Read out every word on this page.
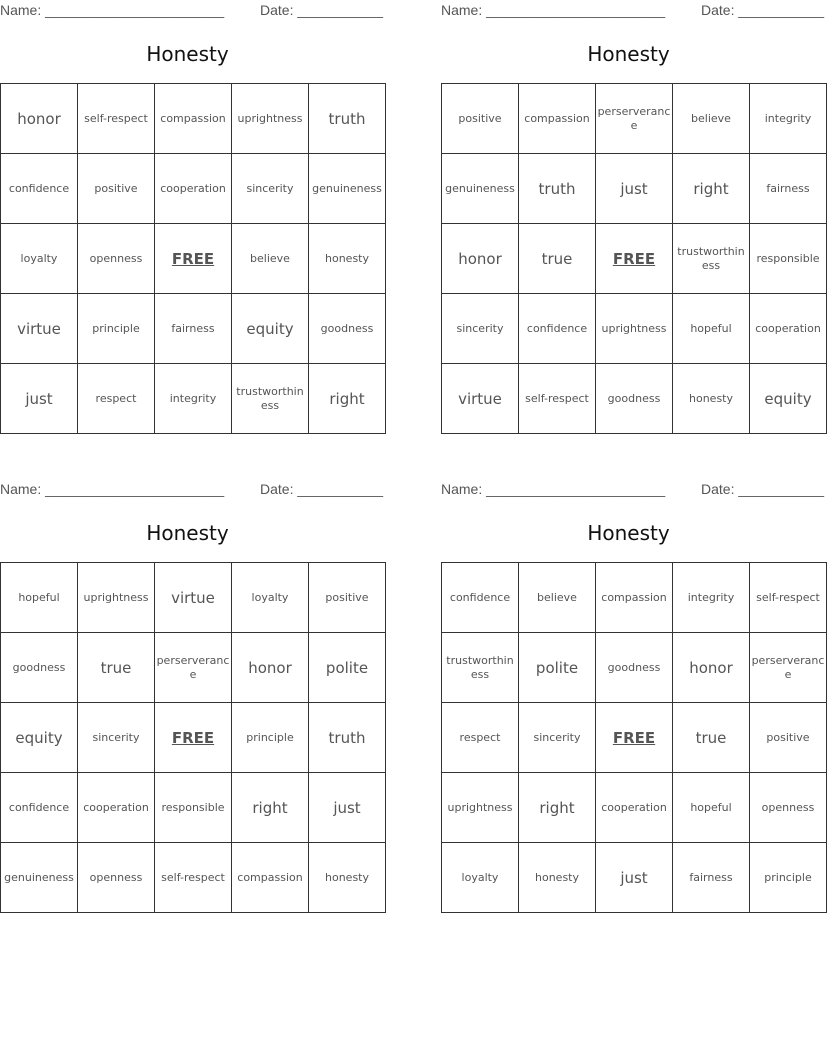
Name: _______________________	Date: ___________
Honesty
honor	self-respect	compassion	uprightness	truth
confidence	positive	cooperation	sincerity	genuineness
loyalty	openness	FREE	believe	honesty
virtue	principle	fairness	equity	goodness
just	respect	integrity	trustworthiness	right
Name: _______________________	Date: ___________
Honesty
positive	compassion	perserverance	believe	integrity
genuineness	truth	just	right	fairness
honor	true	FREE	trustworthiness	responsible
sincerity	confidence	uprightness	hopeful	cooperation
virtue	self-respect	goodness	honesty	equity
Name: _______________________	Date: ___________
Honesty
hopeful	uprightness	virtue	loyalty	positive
goodness	true	perserverance	honor	polite
equity	sincerity	FREE	principle	truth
confidence	cooperation	responsible	right	just
genuineness	openness	self-respect	compassion	honesty
Name: _______________________	Date: ___________
Honesty
confidence	believe	compassion	integrity	self-respect
trustworthiness	polite	goodness	honor	perserverance
respect	sincerity	FREE	true	positive
uprightness	right	cooperation	hopeful	openness
loyalty	honesty	just	fairness	principle
